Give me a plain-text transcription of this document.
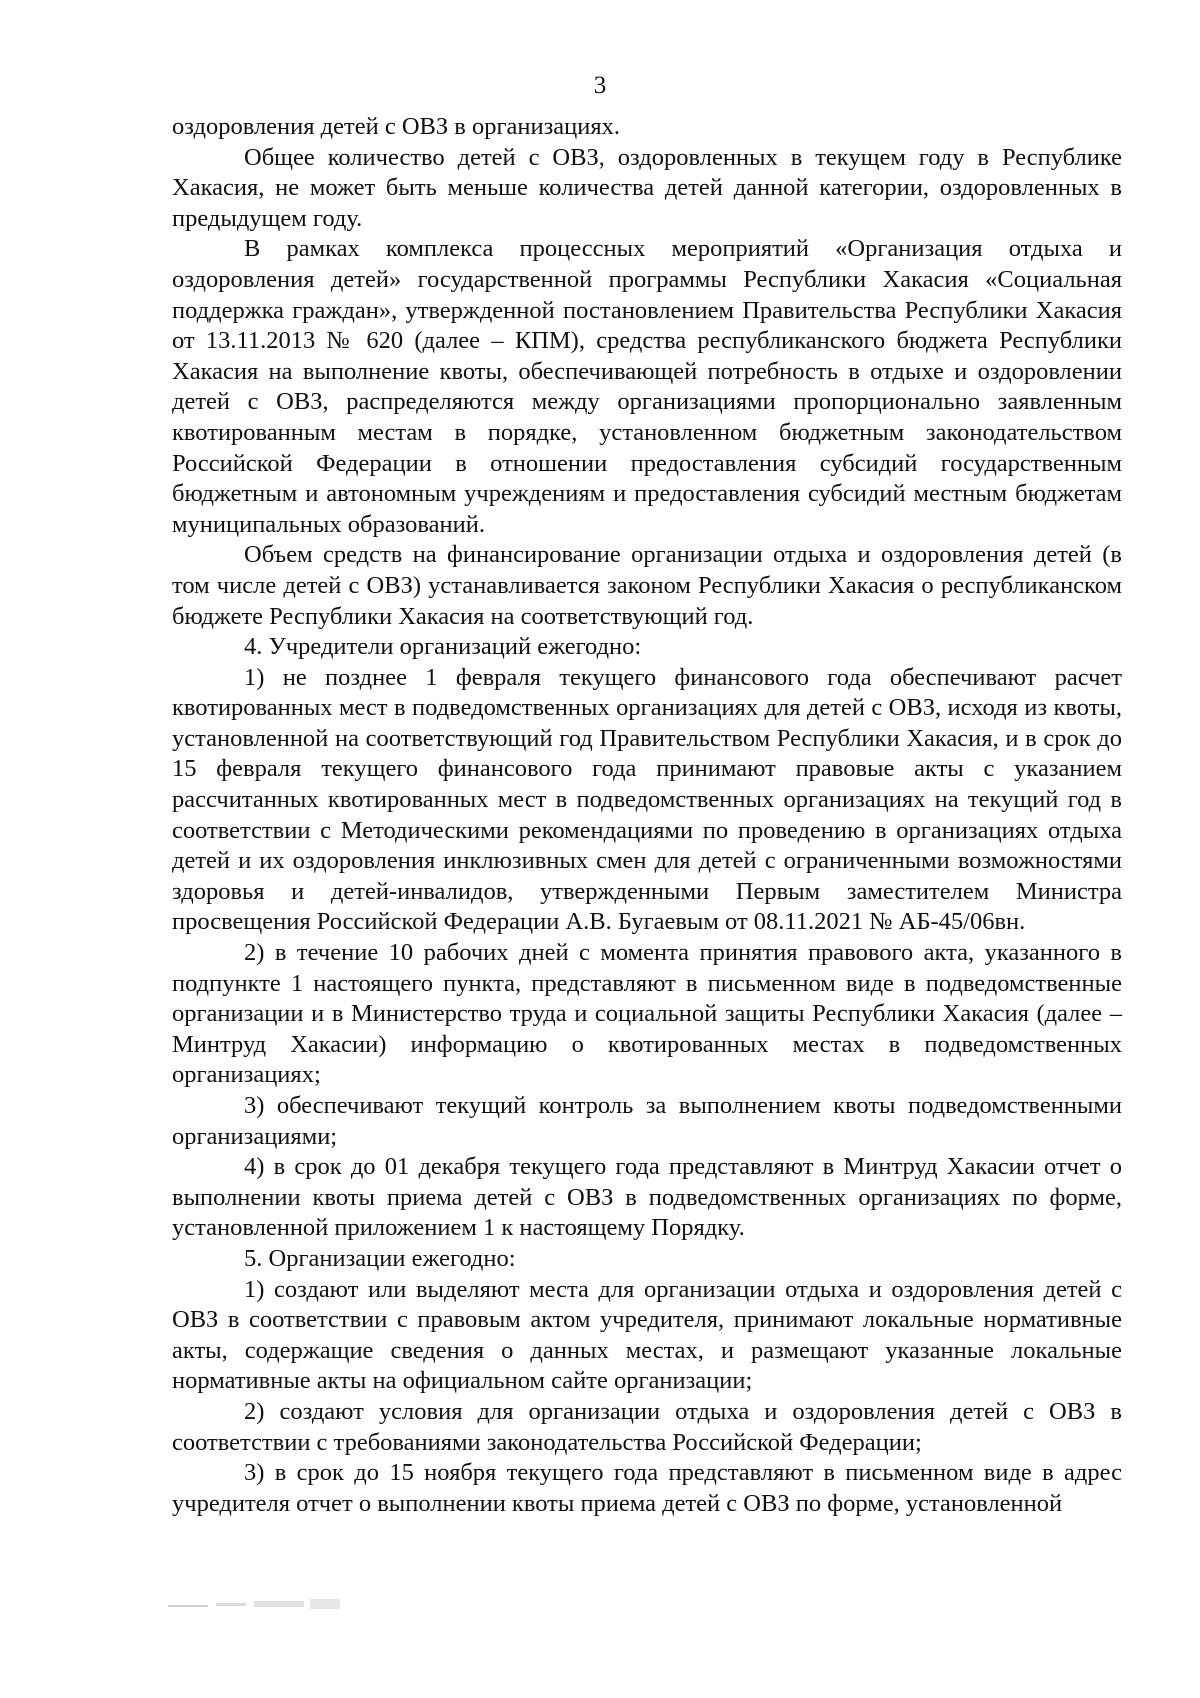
3

оздоровления детей с ОВЗ в организациях.

Общее количество детей с ОВЗ, оздоровленных в текущем году в Республике Хакасия, не может быть меньше количества детей данной категории, оздоровленных в предыдущем году.

В рамках комплекса процессных мероприятий «Организация отдыха и оздоровления детей» государственной программы Республики Хакасия «Социальная поддержка граждан», утвержденной постановлением Правительства Республики Хакасия от 13.11.2013 № 620 (далее – КПМ), средства республиканского бюджета Республики Хакасия на выполнение квоты, обеспечивающей потребность в отдыхе и оздоровлении детей с ОВЗ, распределяются между организациями пропорционально заявленным квотированным местам в порядке, установленном бюджетным законодательством Российской Федерации в отношении предоставления субсидий государственным бюджетным и автономным учреждениям и предоставления субсидий местным бюджетам муниципальных образований.

Объем средств на финансирование организации отдыха и оздоровления детей (в том числе детей с ОВЗ) устанавливается законом Республики Хакасия о республиканском бюджете Республики Хакасия на соответствующий год.

4. Учредители организаций ежегодно:

1) не позднее 1 февраля текущего финансового года обеспечивают расчет квотированных мест в подведомственных организациях для детей с ОВЗ, исходя из квоты, установленной на соответствующий год Правительством Республики Хакасия, и в срок до 15 февраля текущего финансового года принимают правовые акты с указанием рассчитанных квотированных мест в подведомственных организациях на текущий год в соответствии с Методическими рекомендациями по проведению в организациях отдыха детей и их оздоровления инклюзивных смен для детей с ограниченными возможностями здоровья и детей-инвалидов, утвержденными Первым заместителем Министра просвещения Российской Федерации А.В. Бугаевым от 08.11.2021 № АБ-45/06вн.

2) в течение 10 рабочих дней с момента принятия правового акта, указанного в подпункте 1 настоящего пункта, представляют в письменном виде в подведомственные организации и в Министерство труда и социальной защиты Республики Хакасия (далее – Минтруд Хакасии) информацию о квотированных местах в подведомственных организациях;

3) обеспечивают текущий контроль за выполнением квоты подведомственными организациями;

4) в срок до 01 декабря текущего года представляют в Минтруд Хакасии отчет о выполнении квоты приема детей с ОВЗ в подведомственных организациях по форме, установленной приложением 1 к настоящему Порядку.

5. Организации ежегодно:

1) создают или выделяют места для организации отдыха и оздоровления детей с ОВЗ в соответствии с правовым актом учредителя, принимают локальные нормативные акты, содержащие сведения о данных местах, и размещают указанные локальные нормативные акты на официальном сайте организации;

2) создают условия для организации отдыха и оздоровления детей с ОВЗ в соответствии с требованиями законодательства Российской Федерации;

3) в срок до 15 ноября текущего года представляют в письменном виде в адрес учредителя отчет о выполнении квоты приема детей с ОВЗ по форме, установленной
